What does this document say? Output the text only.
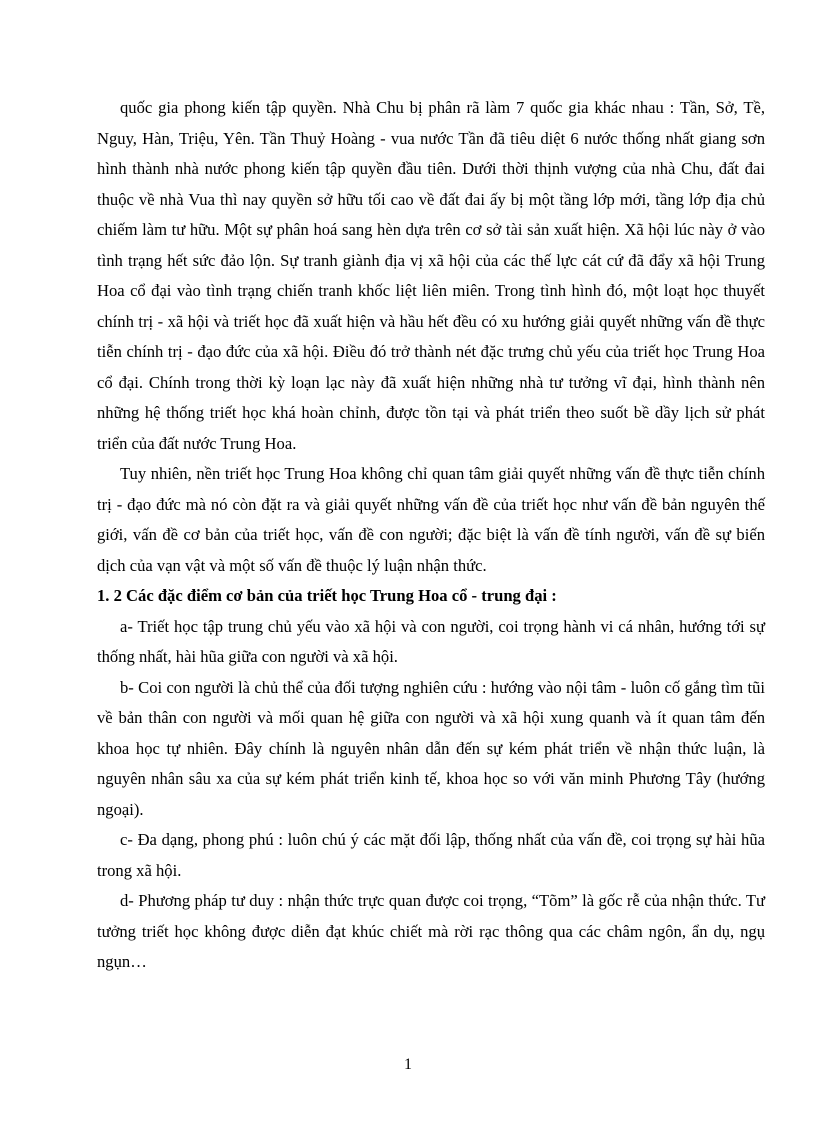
quốc gia phong kiến tập quyền. Nhà Chu bị phân rã làm 7 quốc gia khác nhau : Tần, Sở, Tề, Nguy, Hàn, Triệu, Yên. Tần Thuỷ Hoàng - vua nước Tần đã tiêu diệt 6 nước thống nhất giang sơn hình thành nhà nước phong kiến tập quyền đầu tiên. Dưới thời thịnh vượng của nhà Chu, đất đai thuộc về nhà Vua thì nay quyền sở hữu tối cao về đất đai ấy bị một tầng lớp mới, tầng lớp địa chủ chiếm làm tư hữu. Một sự phân hoá sang hèn dựa trên cơ sở tài sản xuất hiện. Xã hội lúc này ở vào tình trạng hết sức đảo lộn. Sự tranh giành địa vị xã hội của các thế lực cát cứ đã đẩy xã hội Trung Hoa cổ đại vào tình trạng chiến tranh khốc liệt liên miên. Trong tình hình đó, một loạt học thuyết chính trị - xã hội và triết học đã xuất hiện và hầu hết đều có xu hướng giải quyết những vấn đề thực tiễn chính trị - đạo đức của xã hội. Điều đó trở thành nét đặc trưng chủ yếu của triết học Trung Hoa cổ đại. Chính trong thời kỳ loạn lạc này đã xuất hiện những nhà tư tưởng vĩ đại, hình thành nên những hệ thống triết học khá hoàn chỉnh, được tồn tại và phát triển theo suốt bề dầy lịch sử phát triển của đất nước Trung Hoa.

Tuy nhiên, nền triết học Trung Hoa không chỉ quan tâm giải quyết những vấn đề thực tiễn chính trị - đạo đức mà nó còn đặt ra và giải quyết những vấn đề của triết học như vấn đề bản nguyên thế giới, vấn đề cơ bản của triết học, vấn đề con người; đặc biệt là vấn đề tính người, vấn đề sự biến dịch của vạn vật và một số vấn đề thuộc lý luận nhận thức.

1. 2 Các đặc điểm cơ bản của triết học Trung Hoa cổ - trung đại :

a- Triết học tập trung chủ yếu vào xã hội và con người, coi trọng hành vi cá nhân, hướng tới sự thống nhất, hài hũa giữa con người và xã hội.

b- Coi con người là chủ thể của đối tượng nghiên cứu : hướng vào nội tâm - luôn cố gắng tìm tũi về bản thân con người và mối quan hệ giữa con người và xã hội xung quanh và ít quan tâm đến khoa học tự nhiên. Đây chính là nguyên nhân dẫn đến sự kém phát triển về nhận thức luận, là nguyên nhân sâu xa của sự kém phát triển kinh tế, khoa học so với văn minh Phương Tây (hướng ngoại).

c- Đa dạng, phong phú : luôn chú ý các mặt đối lập, thống nhất của vấn đề, coi trọng sự hài hũa trong xã hội.

d- Phương pháp tư duy : nhận thức trực quan được coi trọng, “Tõm” là gốc rễ của nhận thức. Tư tưởng triết học không được diễn đạt khúc chiết mà rời rạc thông qua các châm ngôn, ẩn dụ, ngụ ngụn…

1
